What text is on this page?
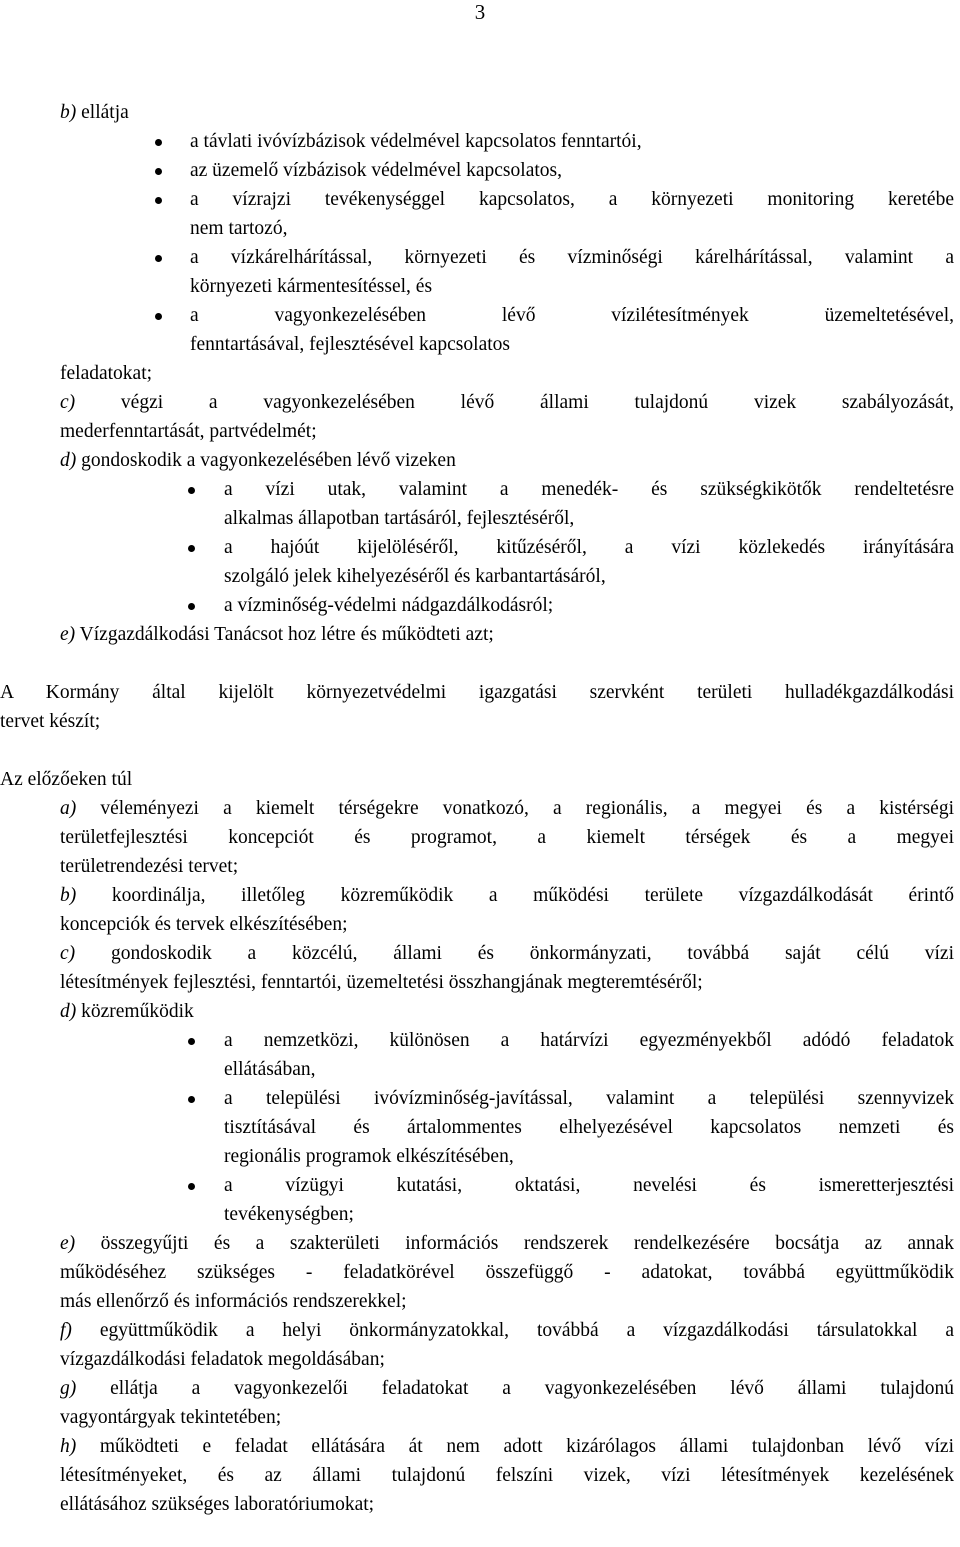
3
b) ellátja
a távlati ivóvízbázisok védelmével kapcsolatos fenntartói,
az üzemelő vízbázisok védelmével kapcsolatos,
a vízrajzi tevékenységgel kapcsolatos, a környezeti monitoring keretébe
nem tartozó,
a vízkárelhárítással, környezeti és vízminőségi kárelhárítással, valamint a
környezeti kármentesítéssel, és
a vagyonkezelésében lévő vízilétesítmények üzemeltetésével,
fenntartásával, fejlesztésével kapcsolatos
feladatokat;
c) végzi a vagyonkezelésében lévő állami tulajdonú vizek szabályozását,
mederfenntartását, partvédelmét;
d) gondoskodik a vagyonkezelésében lévő vizeken
a vízi utak, valamint a menedék- és szükségkikötők rendeltetésre
alkalmas állapotban tartásáról, fejlesztéséről,
a hajóút kijelöléséről, kitűzéséről, a vízi közlekedés irányítására
szolgáló jelek kihelyezéséről és karbantartásáról,
a vízminőség-védelmi nádgazdálkodásról;
e) Vízgazdálkodási Tanácsot hoz létre és működteti azt;
A Kormány által kijelölt környezetvédelmi igazgatási szervként területi hulladékgazdálkodási
tervet készít;
Az előzőeken túl
a) véleményezi a kiemelt térségekre vonatkozó, a regionális, a megyei és a kistérségi
területfejlesztési koncepciót és programot, a kiemelt térségek és a megyei
területrendezési tervet;
b) koordinálja, illetőleg közreműködik a működési területe vízgazdálkodását érintő
koncepciók és tervek elkészítésében;
c) gondoskodik a közcélú, állami és önkormányzati, továbbá saját célú vízi
létesítmények fejlesztési, fenntartói, üzemeltetési összhangjának megteremtéséről;
d) közreműködik
a nemzetközi, különösen a határvízi egyezményekből adódó feladatok
ellátásában,
a települési ivóvízminőség-javítással, valamint a települési szennyvizek
tisztításával és ártalommentes elhelyezésével kapcsolatos nemzeti és
regionális programok elkészítésében,
a vízügyi kutatási, oktatási, nevelési és ismeretterjesztési
tevékenységben;
e) összegyűjti és a szakterületi információs rendszerek rendelkezésére bocsátja az annak
működéséhez szükséges - feladatkörével összefüggő - adatokat, továbbá együttműködik
más ellenőrző és információs rendszerekkel;
f) együttműködik a helyi önkormányzatokkal, továbbá a vízgazdálkodási társulatokkal a
vízgazdálkodási feladatok megoldásában;
g) ellátja a vagyonkezelői feladatokat a vagyonkezelésében lévő állami tulajdonú
vagyontárgyak tekintetében;
h) működteti e feladat ellátására át nem adott kizárólagos állami tulajdonban lévő vízi
létesítményeket, és az állami tulajdonú felszíni vizek, vízi létesítmények kezelésének
ellátásához szükséges laboratóriumokat;
